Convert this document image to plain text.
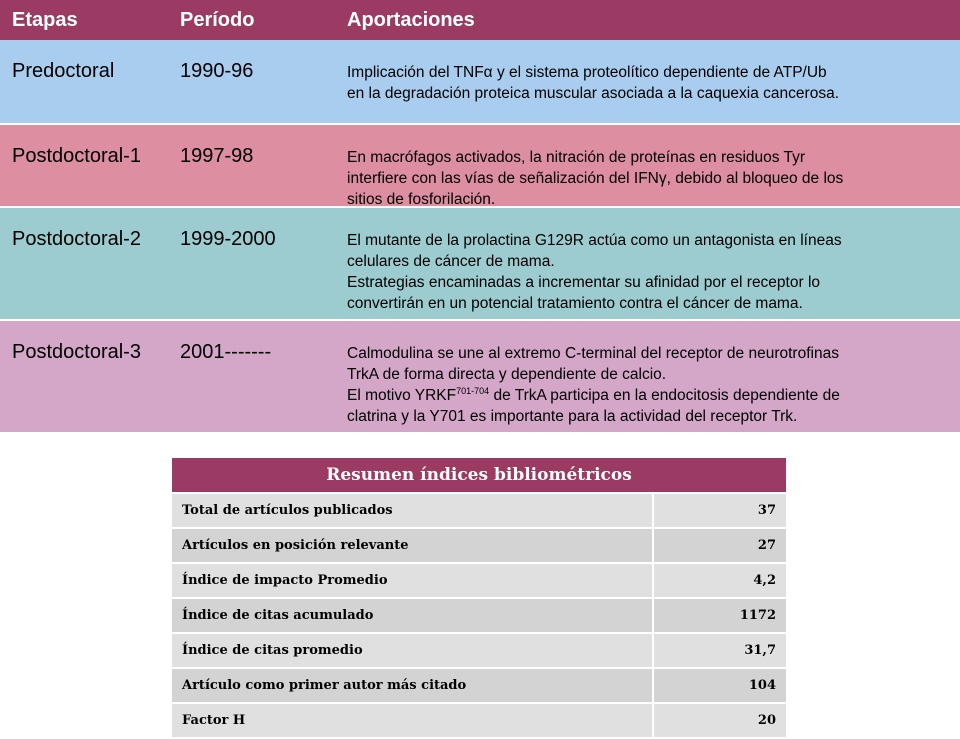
Etapas	Período	Aportaciones
Predoctoral	1990-96	Implicación del TNFα y el sistema proteolítico dependiente de ATP/Ub

en la degradación proteica muscular asociada a la caquexia cancerosa.

Postdoctoral-1	1997-98	En macrófagos activados, la nitración de proteínas en residuos Tyr

interfiere con las vías de señalización del IFNγ, debido al bloqueo de los

sitios de fosforilación.

Postdoctoral-2	1999-2000	El mutante de la prolactina G129R actúa como un antagonista en líneas

celulares de cáncer de mama.

Estrategias encaminadas a incrementar su afinidad por el receptor lo

convertirán en un potencial tratamiento contra el cáncer de mama.

Postdoctoral-3	2001-------	Calmodulina se une al extremo C-terminal del receptor de neurotrofinas

TrkA de forma directa y dependiente de calcio.

El motivo YRKF$^{701-704}$ de TrkA participa en la endocitosis dependiente de

clatrina y la Y701 es importante para la actividad del receptor Trk.

Resumen índices bibliométricos
Total de artículos publicados	37
Artículos en posición relevante	27
Índice de impacto Promedio	4,2
Índice de citas acumulado	1172
Índice de citas promedio	31,7
Artículo como primer autor más citado	104
Factor H	20
